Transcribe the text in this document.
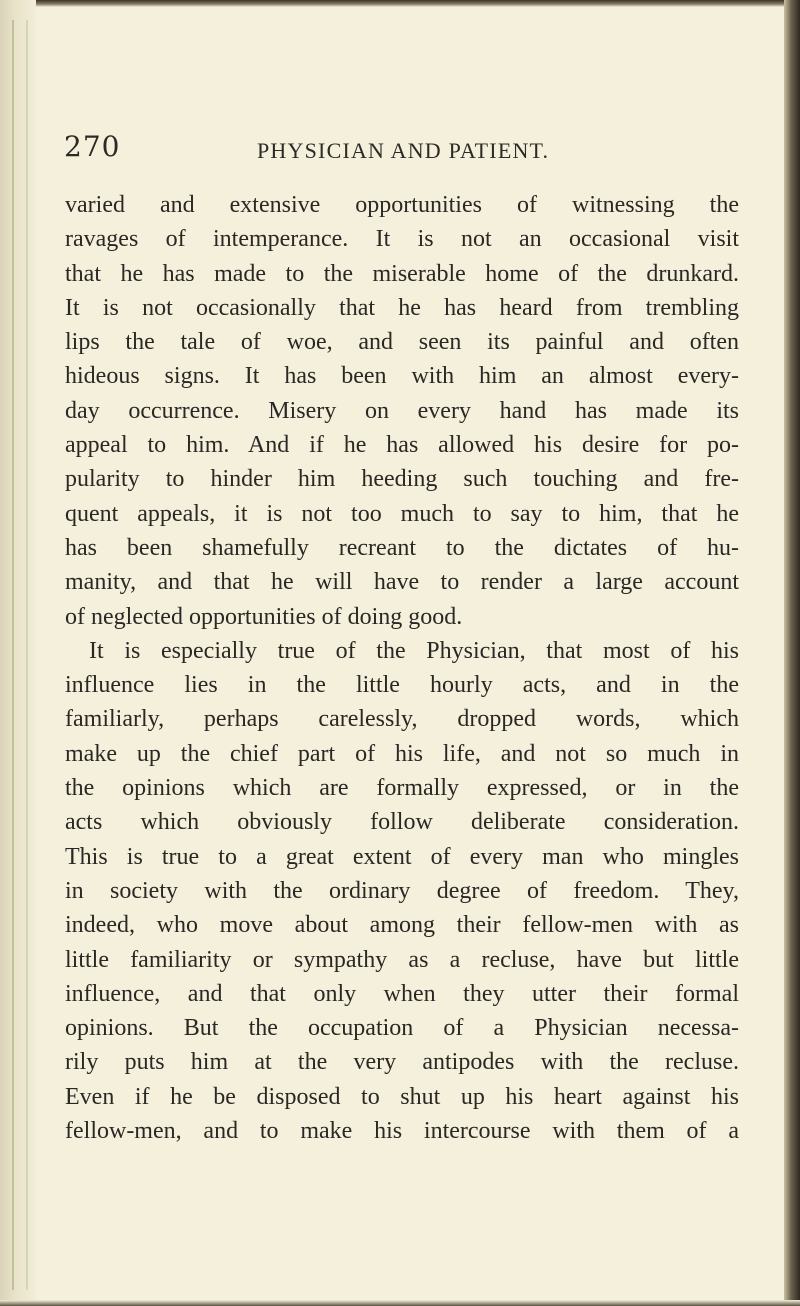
270	PHYSICIAN AND PATIENT.
varied and extensive opportunities of witnessing the
ravages of intemperance. It is not an occasional visit
that he has made to the miserable home of the drunkard.
It is not occasionally that he has heard from trembling
lips the tale of woe, and seen its painful and often
hideous signs. It has been with him an almost every-
day occurrence. Misery on every hand has made its
appeal to him. And if he has allowed his desire for po-
pularity to hinder him heeding such touching and fre-
quent appeals, it is not too much to say to him, that he
has been shamefully recreant to the dictates of hu-
manity, and that he will have to render a large account
of neglected opportunities of doing good.
It is especially true of the Physician, that most of his
influence lies in the little hourly acts, and in the
familiarly, perhaps carelessly, dropped words, which
make up the chief part of his life, and not so much in
the opinions which are formally expressed, or in the
acts which obviously follow deliberate consideration.
This is true to a great extent of every man who mingles
in society with the ordinary degree of freedom. They,
indeed, who move about among their fellow-men with as
little familiarity or sympathy as a recluse, have but little
influence, and that only when they utter their formal
opinions. But the occupation of a Physician necessa-
rily puts him at the very antipodes with the recluse.
Even if he be disposed to shut up his heart against his
fellow-men, and to make his intercourse with them of a
